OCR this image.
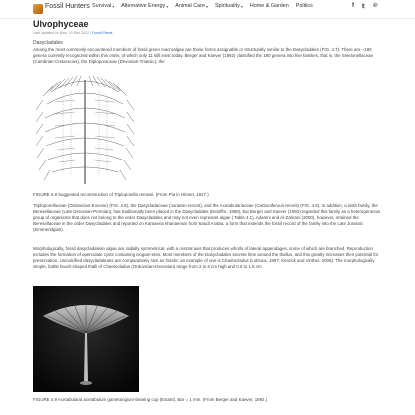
Fossil Hunters Survival ▾ Alternative Energy ▾ Animal Care ▾ Spirituality ▾ Home & Garden Politics	f 𝕥 ℗
Ulvophyceae
Last updated on Mon, 19 Dec 2022 | Fossil Plants
Dasycladales
Among the most commonly encountered members of fossil green macroalgae are those forms assignable or structurally similar to the Dasycladales (FIG. 4.7). There are ~180 genera currently recognized within this order, of which only 11 still exist today. Berger and Kaever (1992) classified the 180 genera into five families, that is, the Seletonellaceae (Cambrian-Cretaceous), the Diploporaceae (Devonian-Triassic), the
FIGURE 4.8 Suggested reconstruction of Triploporella remesii. (From Pia in Hirmer, 1927.)
Triploporellaceae (Ordovician-Eocene) (FIG. 4.8), the Dasycladaceae (Jurassic-recent), and the Acetabulariaceae (Carboniferous-recent) (FIG. 4.9). In addition, a sixth family, the Beresellaceae (Late Devonian-Permian), has traditionally been placed in the Dasycladales (Deloffre, 1988), but Berger and Kaever (1992) regarded this family as a heterogeneous group of organisms that does not belong to the order Dasycladales and may not even represent algae ( Table 4.1). Adamni and Al-Zahrani (2000), however, retained the Beresellaceae in the order Dasycladales and reported on Kamaena khanaensis from Saudi Arabia, a form that extends the fossil record of the family into the Late Jurassic (Kimmeridgian).
Morphologically, fossil dasycladalean algae are radially symmetrical, with a central axis that produces whorls of lateral appendages, some of which are branched. Reproduction includes the formation of operculate cysts containing isogam-etes. Most members of the Dasycladales secrete lime around the thallus, and this greatly increases their potential for preservation. Unicalcified dasycladaleans are comparatively rare as fossils; an example of one is Chaetocladus (LoDuca, 1997; Kenrick and Vinther, 2006). The morphologically simple, bottle brush-shaped thalli of Chaetocladus (Ordovician-Devonian) range from 2 to 6 cm high and 0.5 to 1.5 cm
FIGURE 4.9 Acetabularia acetabulum gametangium-bearing cup (Extant). Bar = 1 mm. (From Berger and Kaever, 1992.)
